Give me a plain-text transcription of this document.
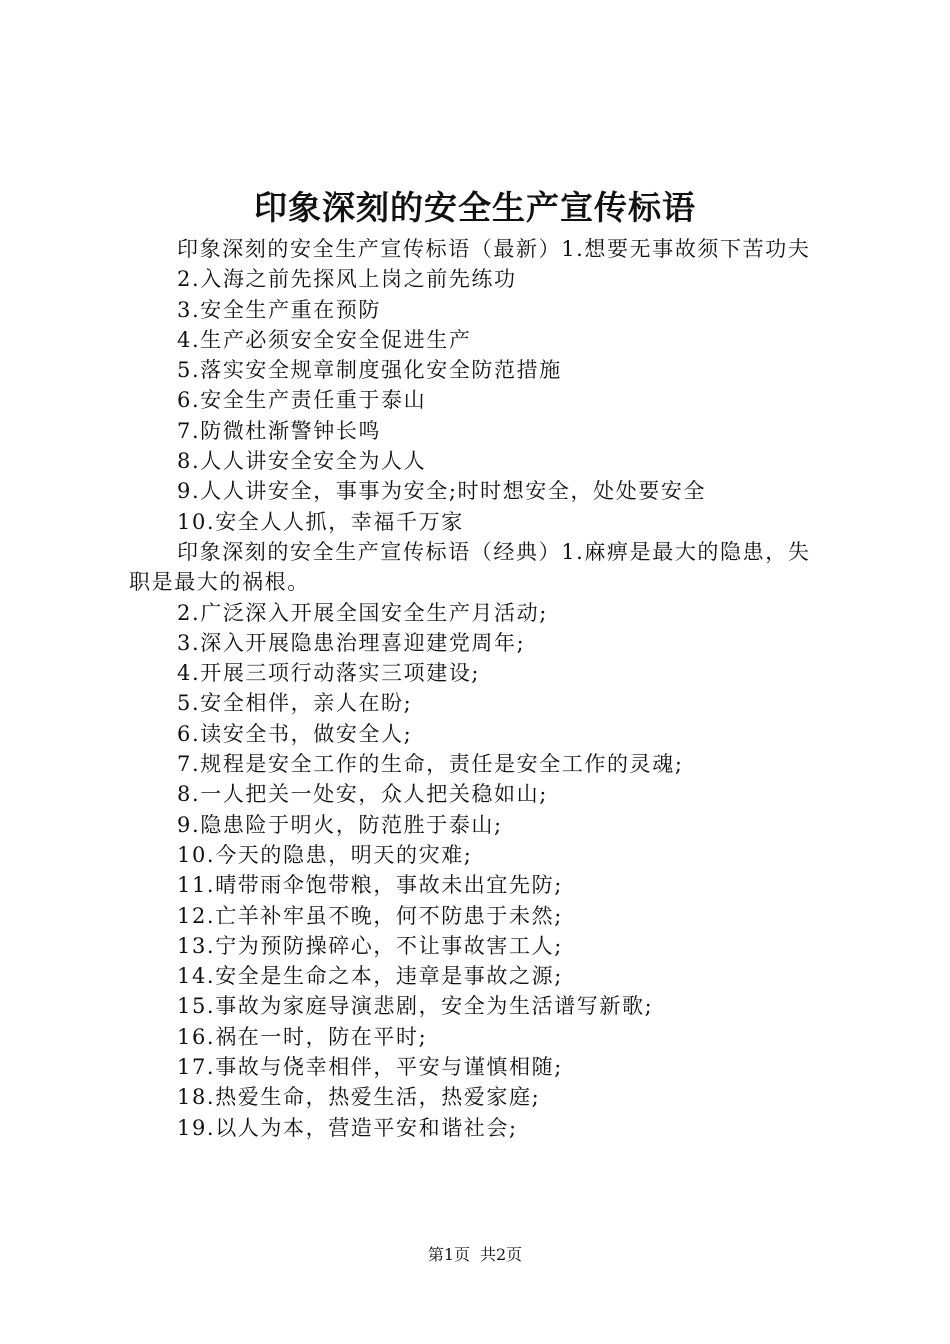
印象深刻的安全生产宣传标语

印象深刻的安全生产宣传标语（最新）1.想要无事故须下苦功夫

2.入海之前先探风上岗之前先练功

3.安全生产重在预防

4.生产必须安全安全促进生产

5.落实安全规章制度强化安全防范措施

6.安全生产责任重于泰山

7.防微杜渐警钟长鸣

8.人人讲安全安全为人人

9.人人讲安全，事事为安全;时时想安全，处处要安全

10.安全人人抓，幸福千万家

印象深刻的安全生产宣传标语（经典）1.麻痹是最大的隐患，失职是最大的祸根。

2.广泛深入开展全国安全生产月活动;

3.深入开展隐患治理喜迎建党周年;

4.开展三项行动落实三项建设;

5.安全相伴，亲人在盼;

6.读安全书，做安全人;

7.规程是安全工作的生命，责任是安全工作的灵魂;

8.一人把关一处安，众人把关稳如山;

9.隐患险于明火，防范胜于泰山;

10.今天的隐患，明天的灾难;

11.晴带雨伞饱带粮，事故未出宜先防;

12.亡羊补牢虽不晚，何不防患于未然;

13.宁为预防操碎心，不让事故害工人;

14.安全是生命之本，违章是事故之源;

15.事故为家庭导演悲剧，安全为生活谱写新歌;

16.祸在一时，防在平时;

17.事故与侥幸相伴，平安与谨慎相随;

18.热爱生命，热爱生活，热爱家庭;

19.以人为本，营造平安和谐社会;

第1页 共2页
